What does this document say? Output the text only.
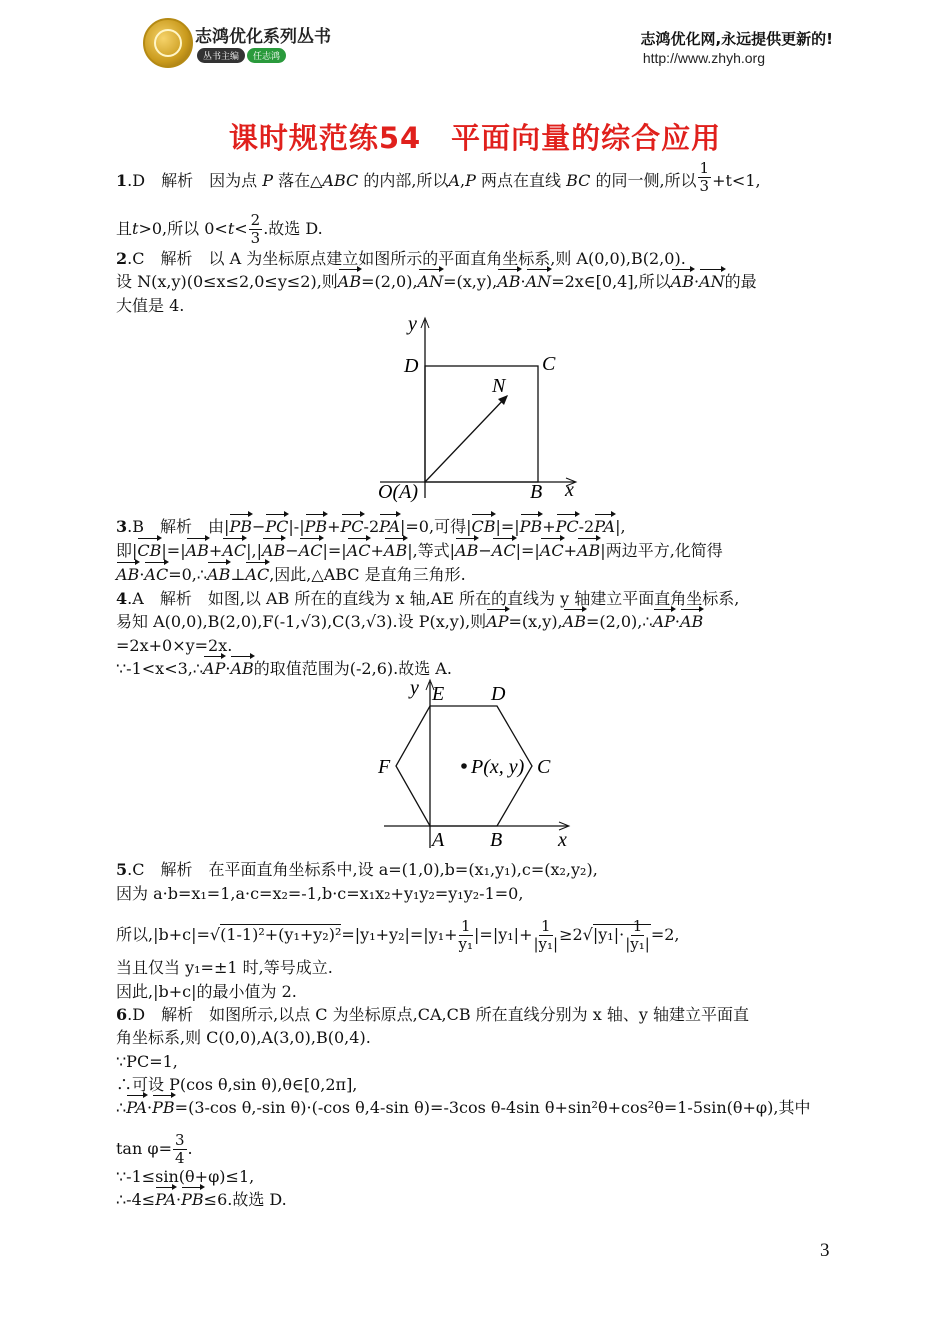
志鸿优化系列丛书
丛书主编 任志鸿
志鸿优化网,永远提供更新的!
http://www.zhyh.org
课时规范练54　平面向量的综合应用
1.D　 解析　 因为点 P 落在△ABC 的内部,所以A,P 两点在直线 BC 的同一侧,所以 $\frac{1}{3} +t<1$,
且t>0,所以 $0<t< \frac{2}{3}$ .故选 D.
2.C　 解析　 以 A 为坐标原点建立如图所示的平面直角坐标系,则 A(0,0),B(2,0).
设 N(x,y)(0≤x≤2,0≤y≤2),则AB=(2,0),AN=(x,y),AB·AN=2x∈[0,4],所以AB·AN的最
大值是 4.
y
D	C
N
O(A)	B x
3.B　 解析　 由|PB−PC|-|PB+PC-2PA|=0,可得|CB|=|PB+PC-2PA|,
即|CB|=|AB+AC|,|AB−AC|=|AC+AB|,等式|AB−AC|=|AC+AB|两边平方,化简得
AB·AC=0,∴AB⊥AC,因此,△ABC 是直角三角形.
4.A　 解析　 如图,以 AB 所在的直线为 x 轴,AE 所在的直线为 y 轴建立平面直角坐标系,
易知 A(0,0),B(2,0),F(-1,√3),C(3,√3).设 P(x,y),则AP=(x,y),AB=(2,0),∴AP·AB
=2x+0×y=2x.
∵-1<x<3,∴AP·AB的取值范围为(-2,6).故选 A.
y E D
F	P(x, y) C
A B	x
5.C　 解析　 在平面直角坐标系中,设 a=(1,0),b=(x₁,y₁),c=(x₂,y₂),
因为 a·b=x₁=1,a·c=x₂=-1,b·c=x₁x₂+y₁y₂=y₁y₂-1=0,
所以$,|b+c|=√(1-1)^2+(y_1+y_2)^2=|y_1+y_2|=|y_1+ \frac{1}{\text{y₁}} |=|y_1|+ \frac{1}{\text{|y₁|}} \ge 2√|y_1|\cdot \frac{1}{\text{|y₁|}} =2$,
当且仅当 y₁=±1 时,等号成立.
因此,|b+c|的最小值为 2.
6.D　 解析　 如图所示,以点 C 为坐标原点,CA,CB 所在直线分别为 x 轴、y 轴建立平面直
角坐标系,则 C(0,0),A(3,0),B(0,4).
∵PC=1,
∴可设 P(cos θ,sin θ),θ∈[0,2π],
∴PA·PB=(3-cos θ,-sin θ)·(-cos θ,4-sin θ)=-3cos θ-4sin θ+sin²θ+cos²θ=1-5sin(θ+φ),其中
$\tan \varphi= \frac{3}{4}$ .
∵-1≤sin(θ+φ)≤1,
∴-4≤PA·PB≤6.故选 D.
3
